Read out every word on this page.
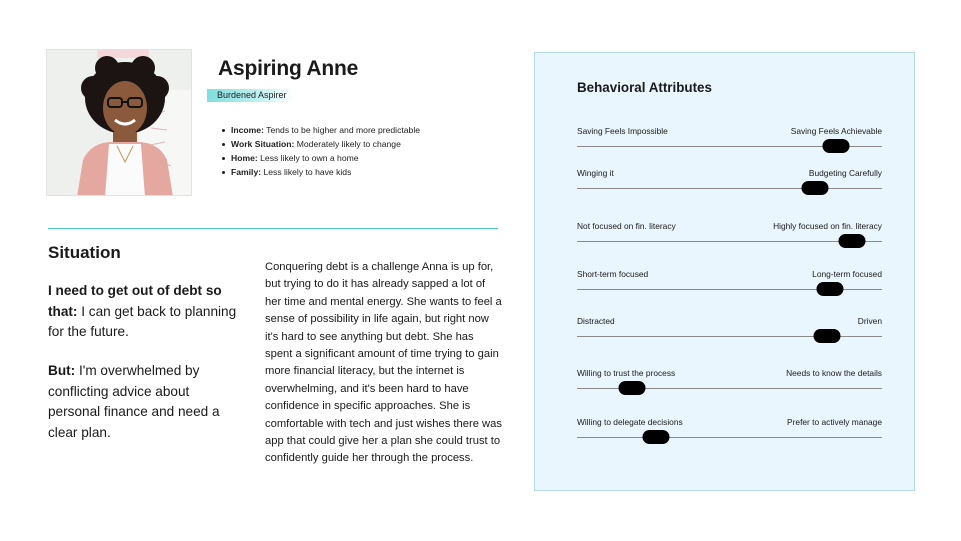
Aspiring Anne
Burdened Aspirer
Income: Tends to be higher and more predictable
Work Situation: Moderately likely to change
Home: Less likely to own a home
Family: Less likely to have kids
Situation

I need to get out of debt so that: I can get back to planning for the future.

But: I'm overwhelmed by conflicting advice about personal finance and need a clear plan.

Conquering debt is a challenge Anna is up for, but trying to do it has already sapped a lot of her time and mental energy. She wants to feel a sense of possibility in life again, but right now it's hard to see anything but debt. She has spent a significant amount of time trying to gain more financial literacy, but the internet is overwhelming, and it's been hard to have confidence in specific approaches. She is comfortable with tech and just wishes there was app that could give her a plan she could trust to confidently guide her through the process.

Behavioral Attributes
Saving Feels Impossible	Saving Feels Achievable
Winging it	Budgeting Carefully
Not focused on fin. literacy	Highly focused on fin. literacy
Short-term focused	Long-term focused
Distracted	Driven
Willing to trust the process	Needs to know the details
Willing to delegate decisions	Prefer to actively manage
